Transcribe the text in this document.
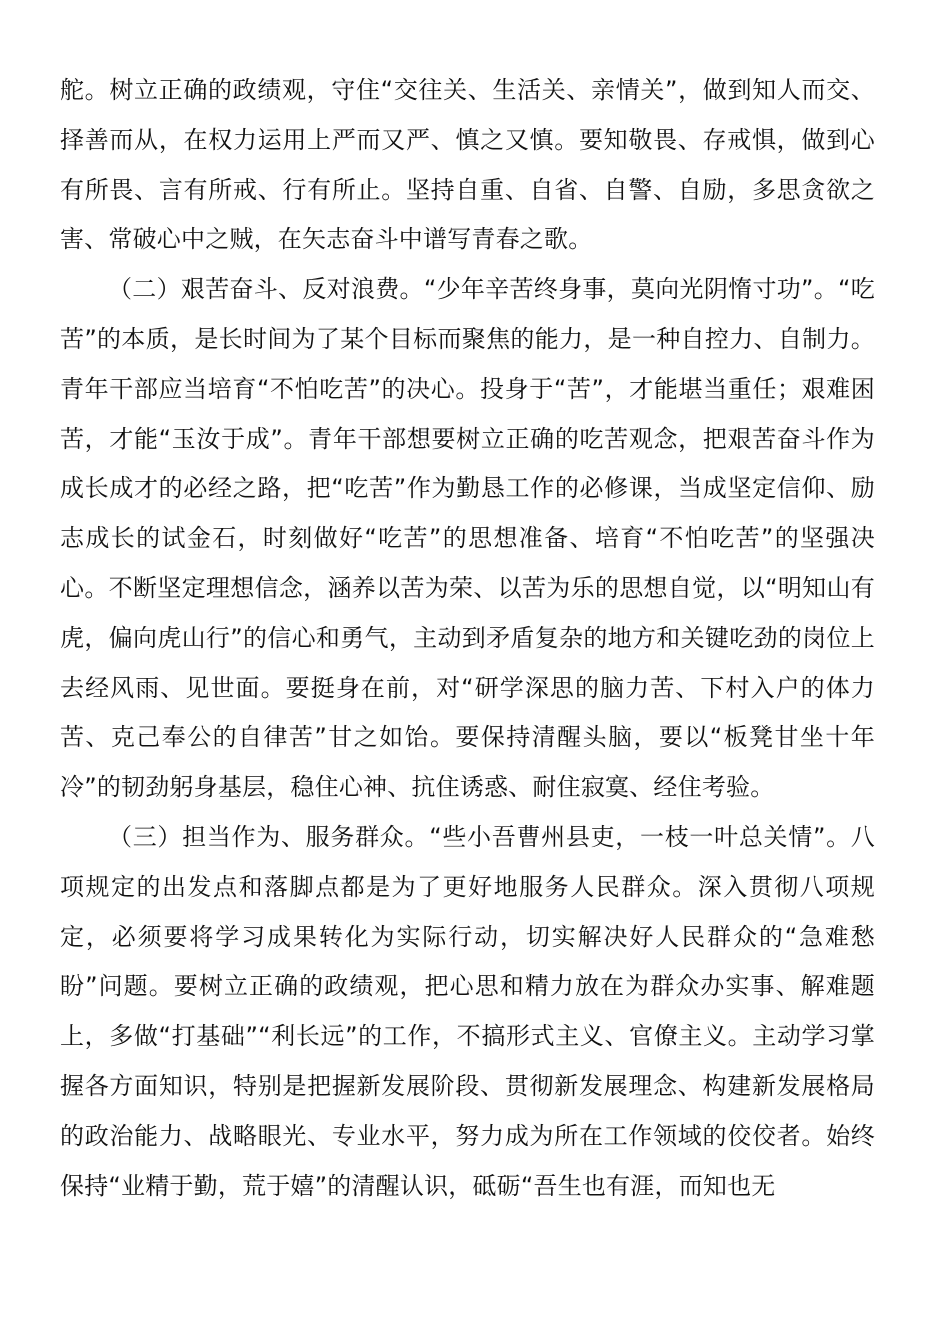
舵。树立正确的政绩观，守住“交往关、生活关、亲情关”，做到知人而交、择善而从，在权力运用上严而又严、慎之又慎。要知敬畏、存戒惧，做到心有所畏、言有所戒、行有所止。坚持自重、自省、自警、自励，多思贪欲之害、常破心中之贼，在矢志奋斗中谱写青春之歌。

（二）艰苦奋斗、反对浪费。“少年辛苦终身事，莫向光阴惰寸功”。“吃苦”的本质，是长时间为了某个目标而聚焦的能力，是一种自控力、自制力。青年干部应当培育“不怕吃苦”的决心。投身于“苦”，才能堪当重任；艰难困苦，才能“玉汝于成”。青年干部想要树立正确的吃苦观念，把艰苦奋斗作为成长成才的必经之路，把“吃苦”作为勤恳工作的必修课，当成坚定信仰、励志成长的试金石，时刻做好“吃苦”的思想准备、培育“不怕吃苦”的坚强决心。不断坚定理想信念，涵养以苦为荣、以苦为乐的思想自觉，以“明知山有虎，偏向虎山行”的信心和勇气，主动到矛盾复杂的地方和关键吃劲的岗位上去经风雨、见世面。要挺身在前，对“研学深思的脑力苦、下村入户的体力苦、克己奉公的自律苦”甘之如饴。要保持清醒头脑，要以“板凳甘坐十年冷”的韧劲躬身基层，稳住心神、抗住诱惑、耐住寂寞、经住考验。

（三）担当作为、服务群众。“些小吾曹州县吏，一枝一叶总关情”。八项规定的出发点和落脚点都是为了更好地服务人民群众。深入贯彻八项规定，必须要将学习成果转化为实际行动，切实解决好人民群众的“急难愁盼”问题。要树立正确的政绩观，把心思和精力放在为群众办实事、解难题上，多做“打基础”“利长远”的工作，不搞形式主义、官僚主义。主动学习掌握各方面知识，特别是把握新发展阶段、贯彻新发展理念、构建新发展格局的政治能力、战略眼光、专业水平，努力成为所在工作领域的佼佼者。始终保持“业精于勤，荒于嬉”的清醒认识，砥砺“吾生也有涯，而知也无
